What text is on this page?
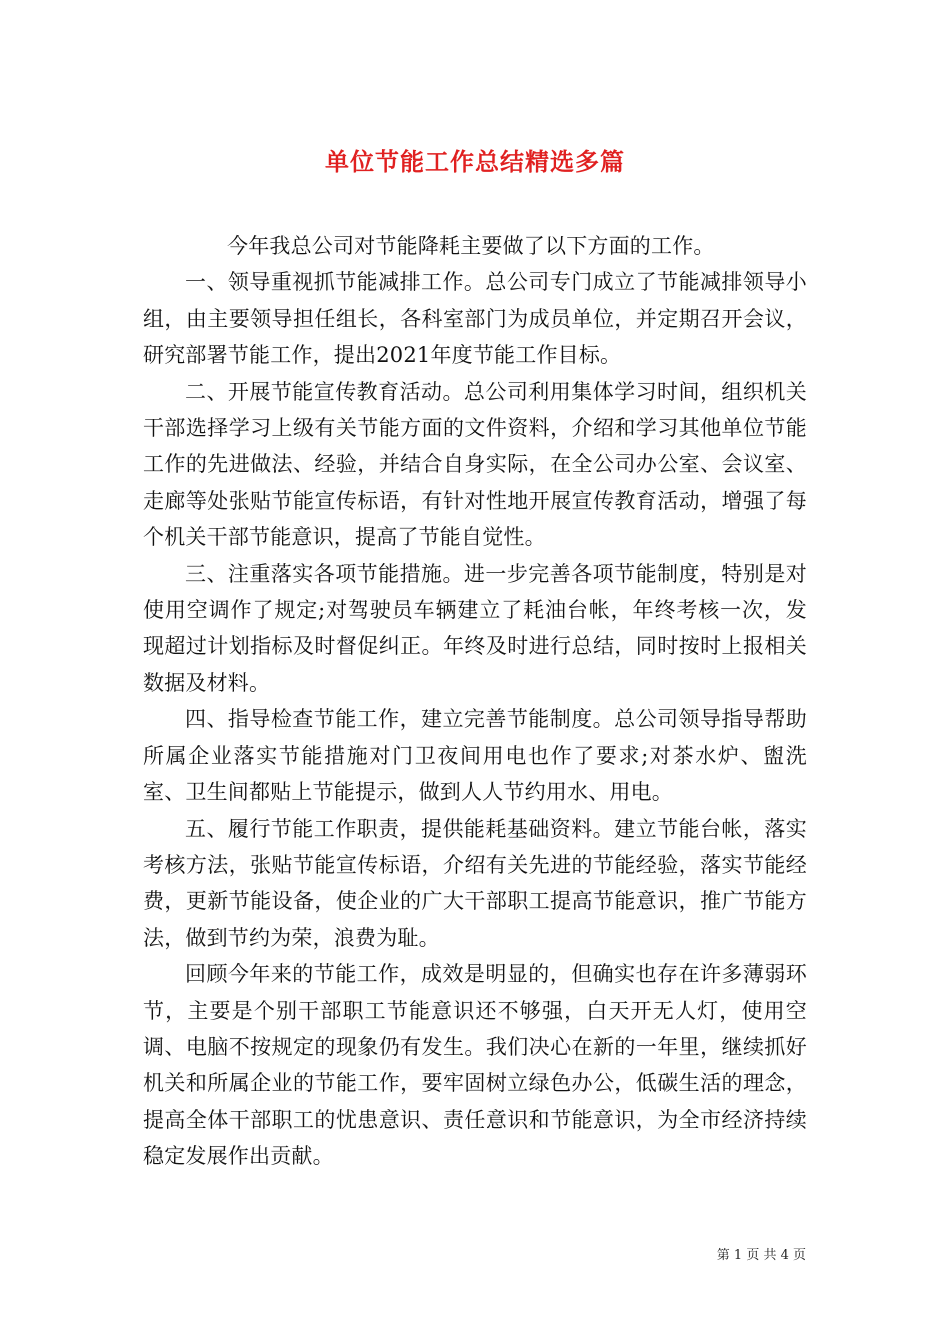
单位节能工作总结精选多篇

今年我总公司对节能降耗主要做了以下方面的工作。

一、领导重视抓节能减排工作。总公司专门成立了节能减排领导小组，由主要领导担任组长，各科室部门为成员单位，并定期召开会议，研究部署节能工作，提出2021年度节能工作目标。

二、开展节能宣传教育活动。总公司利用集体学习时间，组织机关干部选择学习上级有关节能方面的文件资料，介绍和学习其他单位节能工作的先进做法、经验，并结合自身实际，在全公司办公室、会议室、走廊等处张贴节能宣传标语，有针对性地开展宣传教育活动，增强了每个机关干部节能意识，提高了节能自觉性。

三、注重落实各项节能措施。进一步完善各项节能制度，特别是对使用空调作了规定;对驾驶员车辆建立了耗油台帐，年终考核一次，发现超过计划指标及时督促纠正。年终及时进行总结，同时按时上报相关数据及材料。

四、指导检查节能工作，建立完善节能制度。总公司领导指导帮助所属企业落实节能措施对门卫夜间用电也作了要求;对茶水炉、盥洗室、卫生间都贴上节能提示，做到人人节约用水、用电。

五、履行节能工作职责，提供能耗基础资料。建立节能台帐，落实考核方法，张贴节能宣传标语，介绍有关先进的节能经验，落实节能经费，更新节能设备，使企业的广大干部职工提高节能意识，推广节能方法，做到节约为荣，浪费为耻。

回顾今年来的节能工作，成效是明显的，但确实也存在许多薄弱环节，主要是个别干部职工节能意识还不够强，白天开无人灯，使用空调、电脑不按规定的现象仍有发生。我们决心在新的一年里，继续抓好机关和所属企业的节能工作，要牢固树立绿色办公，低碳生活的理念，提高全体干部职工的忧患意识、责任意识和节能意识，为全市经济持续稳定发展作出贡献。

第 1 页 共 4 页
